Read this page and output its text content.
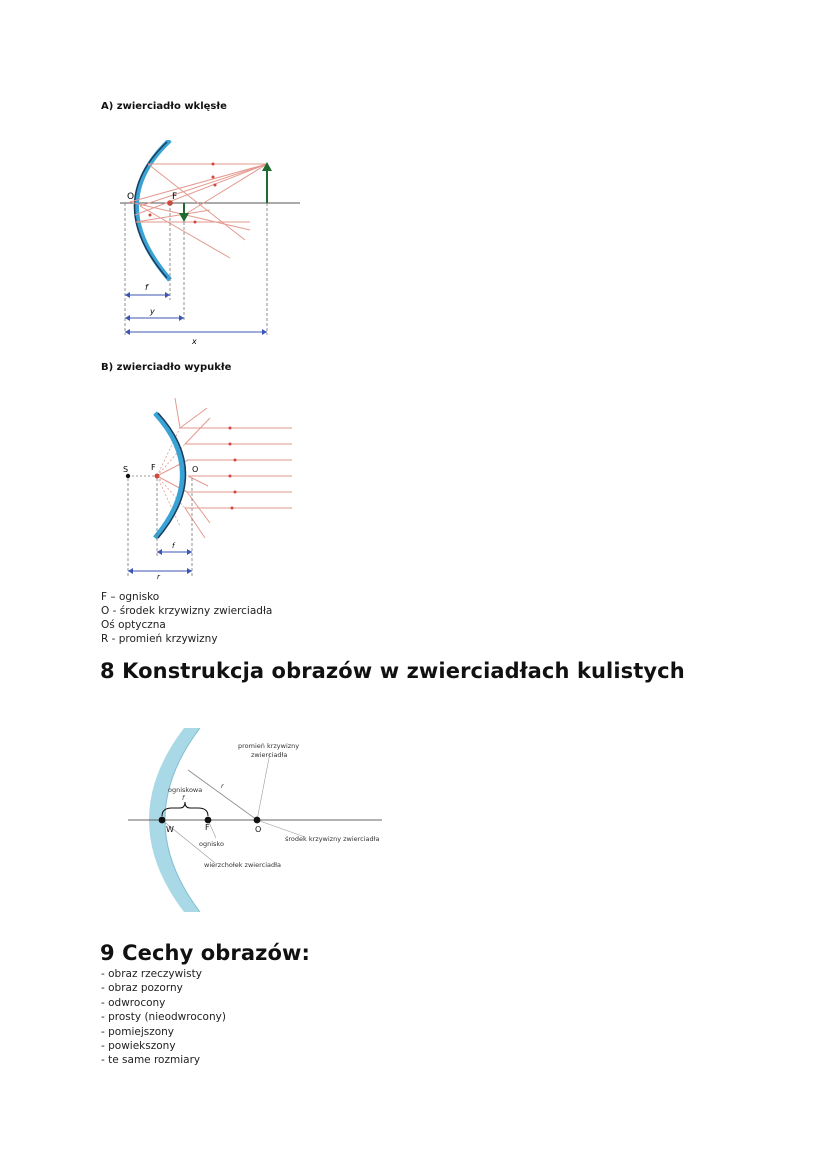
A) zwierciadło wklęsłe
O	F
f
y
x
B) zwierciadło wypukłe
S	F	O
f
r
F – ognisko
O - środek krzywizny zwierciadła
Oś optyczna
R - promień krzywizny
8 Konstrukcja obrazów w zwierciadłach kulistych
promień krzywizny
zwierciadła
r
ogniskowa
f
W	F	O
ognisko
środek krzywizny zwierciadła
wierzchołek zwierciadła
9 Cechy obrazów:
- obraz rzeczywisty
- obraz pozorny
- odwrocony
- prosty (nieodwrocony)
- pomiejszony
- powiekszony
- te same rozmiary
